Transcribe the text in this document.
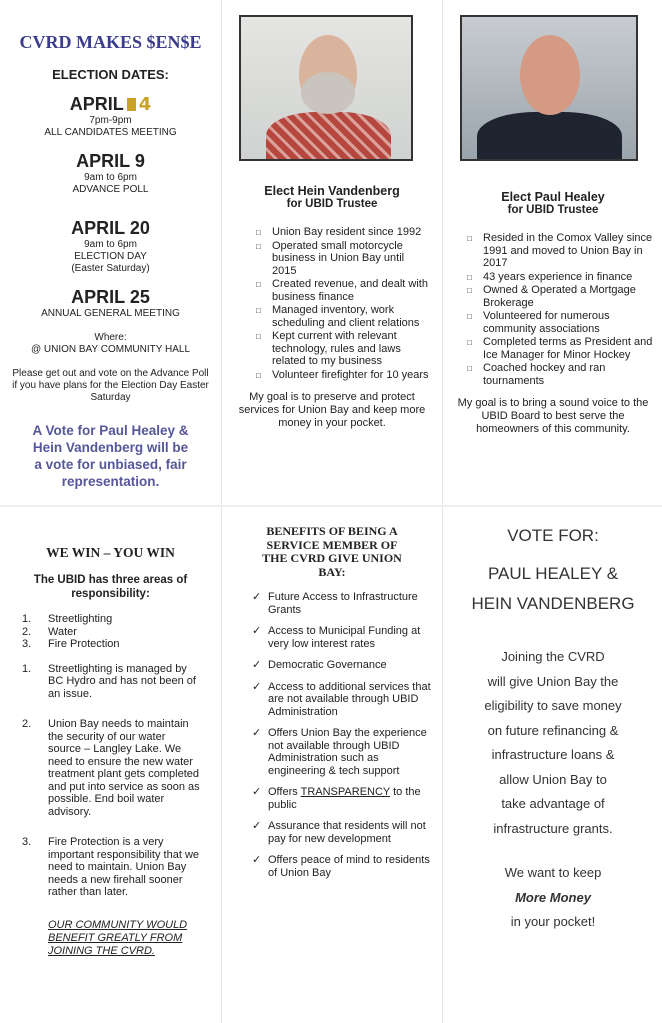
CVRD MAKES $EN$E
ELECTION DATES:
APRIL 4
7pm-9pm
ALL CANDIDATES MEETING
APRIL 9
9am to 6pm
ADVANCE POLL
APRIL 20
9am to 6pm
ELECTION DAY
(Easter Saturday)
APRIL 25
ANNUAL GENERAL MEETING
Where:
@ UNION BAY COMMUNITY HALL
Please get out and vote on the Advance Poll if you have plans for the Election Day Easter Saturday
A Vote for Paul Healey & Hein Vandenberg will be a vote for unbiased, fair representation.
Elect Hein Vandenberg
for UBID Trustee
□ Union Bay resident since 1992
□ Operated small motorcycle business in Union Bay until 2015
□ Created revenue, and dealt with business finance
□ Managed inventory, work scheduling and client relations
□ Kept current with relevant technology, rules and laws related to my business
□ Volunteer firefighter for 10 years
My goal is to preserve and protect services for Union Bay and keep more money in your pocket.
Elect Paul Healey
for UBID Trustee
□ Resided in the Comox Valley since 1991 and moved to Union Bay in 2017
□ 43 years experience in finance
□ Owned & Operated a Mortgage Brokerage
□ Volunteered for numerous community associations
□ Completed terms as President and Ice Manager for Minor Hockey
□ Coached hockey and ran tournaments
My goal is to bring a sound voice to the UBID Board to best serve the homeowners of this community.
WE WIN – YOU WIN
The UBID has three areas of responsibility:
1.	Streetlighting
2.	Water
3.	Fire Protection
1.	Streetlighting is managed by BC Hydro and has not been of an issue.
2.	Union Bay needs to maintain the security of our water source – Langley Lake. We need to ensure the new water treatment plant gets completed and put into service as soon as possible. End boil water advisory.
3.	Fire Protection is a very important responsibility that we need to maintain. Union Bay needs a new firehall sooner rather than later.
OUR COMMUNITY WOULD BENEFIT GREATLY FROM JOINING THE CVRD.
BENEFITS OF BEING A SERVICE MEMBER OF THE CVRD GIVE UNION BAY:
✓ Future Access to Infrastructure Grants
✓ Access to Municipal Funding at very low interest rates
✓ Democratic Governance
✓ Access to additional services that are not available through UBID Administration
✓ Offers Union Bay the experience not available through UBID Administration such as engineering & tech support
✓ Offers TRANSPARENCY to the public
✓ Assurance that residents will not pay for new development
✓ Offers peace of mind to residents of Union Bay
VOTE FOR:
PAUL HEALEY &
HEIN VANDENBERG
Joining the CVRD
will give Union Bay the
eligibility to save money
on future refinancing &
infrastructure loans &
allow Union Bay to
take advantage of
infrastructure grants.
We want to keep
More Money
in your pocket!
